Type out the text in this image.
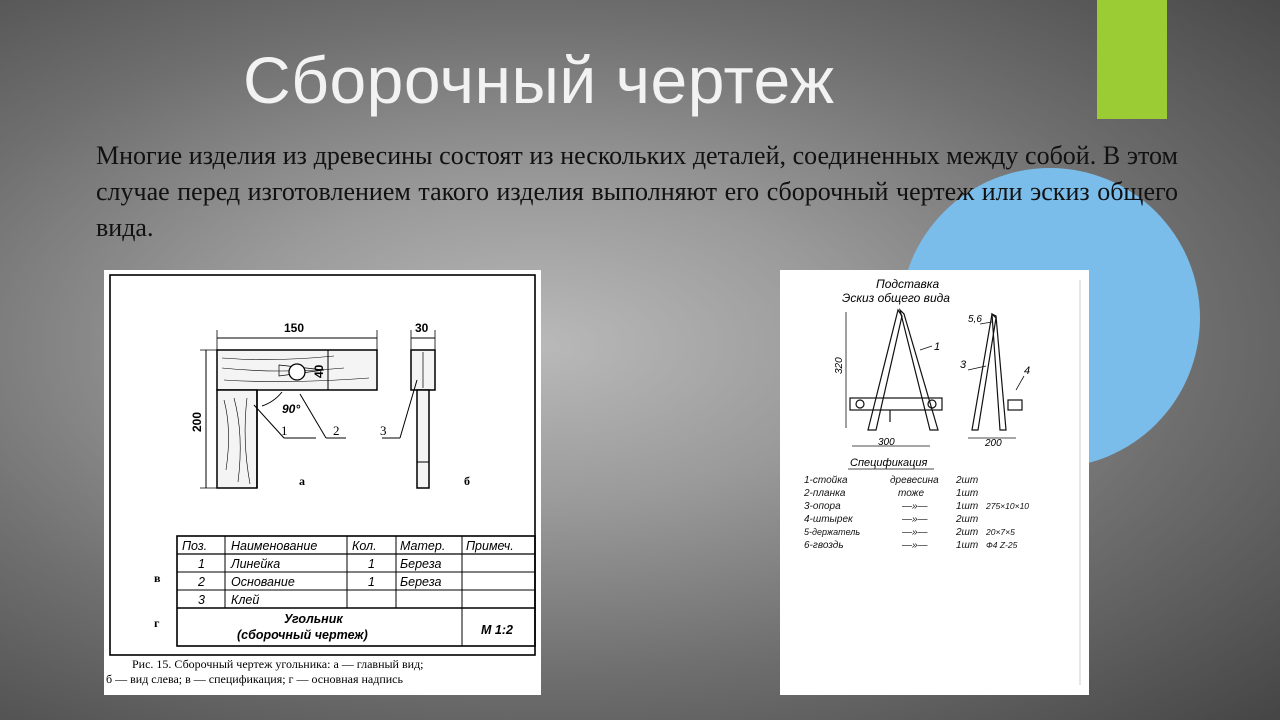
Сборочный чертеж

Многие изделия из древесины состоят из нескольких деталей, соединенных между собой. В этом случае перед изготовлением такого изделия выполняют его сборочный чертеж или эскиз общего вида.

150
200
40
90°
1	2
30
3
а	б
в
г
Поз. Наименование	Кол. Матер. Примеч.
1 Линейка	1 Береза
2 Основание	1 Береза
3 Клей
Угольник
(сборочный чертеж)	М 1:2
Рис. 15. Сборочный чертеж угольника: а — главный вид;
б — вид слева; в — спецификация; г — основная надпись
Подставка
Эскиз общего вида
320
300
1
5,6
3	4
200
Спецификация
1-стойка	древесина 2шт
2-планка	тоже	1шт
3-опора	—»—	1шт 275×10×10
4-штырек	—»—	2шт
5-держатель	—»—	2шт 20×7×5
6-гвоздь	—»—	1шт Ф4 Z-25
